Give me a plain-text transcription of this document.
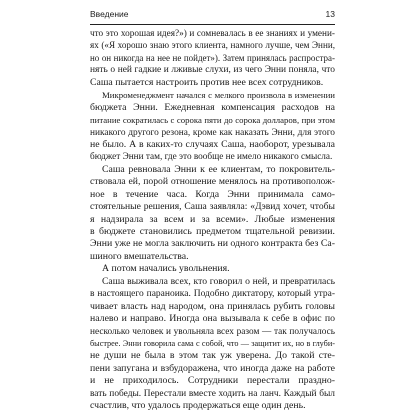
Введение	13
что это хорошая идея?») и сомневалась в ее знаниях и умени-
ях («Я хорошо знаю этого клиента, намного лучше, чем Энни,
но он никогда на нее не пойдет»). Затем принялась распростра-
нять о ней гадкие и лживые слухи, из чего Энни поняла, что
Саша пытается настроить против нее всех сотрудников.
Микроменеджмент начался с мелкого произвола в изменении
бюджета Энни. Ежедневная компенсация расходов на
питание сократилась с сорока пяти до сорока долларов, при этом
никакого другого резона, кроме как наказать Энни, для этого
не было. А в каких-то случаях Саша, наоборот, урезывала
бюджет Энни там, где это вообще не имело никакого смысла.
Саша ревновала Энни к ее клиентам, то покровитель-
ствовала ей, порой отношение менялось на противополож-
ное в течение часа. Когда Энни принимала само-
стоятельные решения, Саша заявляла: «Дэвид хочет, чтобы
я надзирала за всем и за всеми». Любые изменения
в бюджете становились предметом тщательной ревизии.
Энни уже не могла заключить ни одного контракта без Са-
шиного вмешательства.
А потом начались увольнения.
Саша выживала всех, кто говорил о ней, и превратилась
в настоящего параноика. Подобно диктатору, который утра-
чивает власть над народом, она принялась рубить головы
налево и направо. Иногда она вызывала к себе в офис по
несколько человек и увольняла всех разом — так получалось
быстрее. Энни говорила сама с собой, что — защитит их, но в глуби-
не души не была в этом так уж уверена. До такой сте-
пени запугана и взбудоражена, что иногда даже на работе
и не приходилось. Сотрудники перестали праздно-
вать победы. Перестали вместе ходить на ланч. Каждый был
счастлив, что удалось продержаться еще один день.
